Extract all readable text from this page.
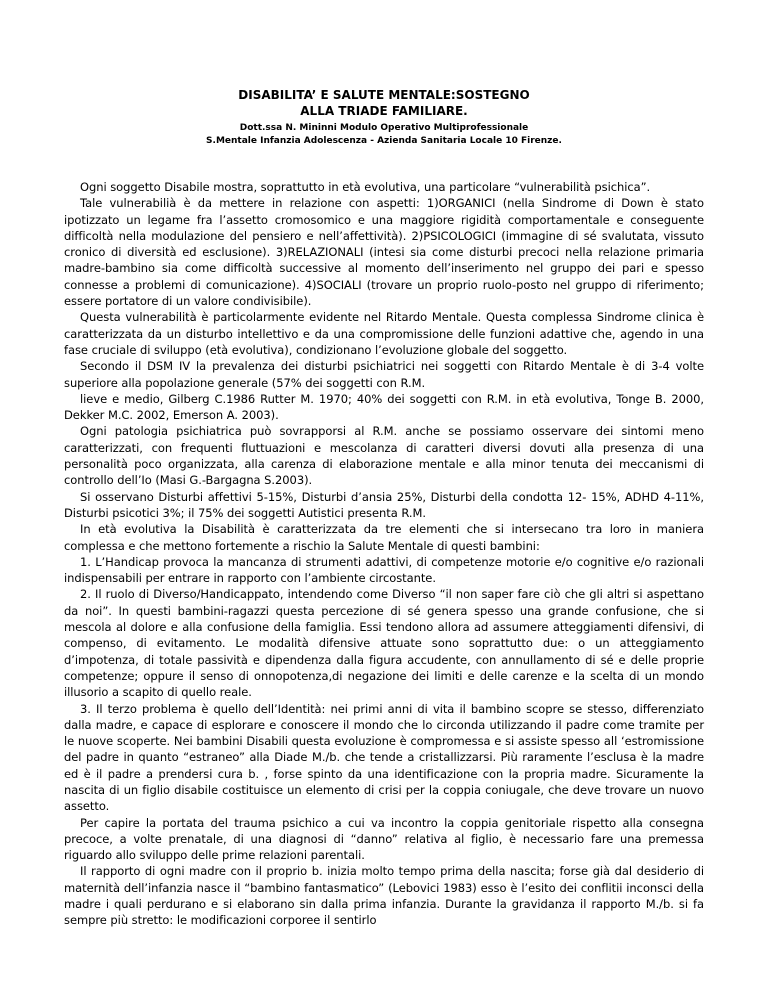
DISABILITA’ E SALUTE MENTALE:SOSTEGNO
ALLA TRIADE FAMILIARE.
Dott.ssa N. Mininni Modulo Operativo Multiprofessionale
S.Mentale Infanzia Adolescenza - Azienda Sanitaria Locale 10 Firenze.

Ogni soggetto Disabile mostra, soprattutto in età evolutiva, una particolare “vulnerabilità psichica”.

Tale vulnerabilià è da mettere in relazione con aspetti: 1)ORGANICI (nella Sindrome di Down è stato ipotizzato un legame fra l’assetto cromosomico e una maggiore rigidità comportamentale e conseguente difficoltà nella modulazione del pensiero e nell’affettività). 2)PSICOLOGICI (immagine di sé svalutata, vissuto cronico di diversità ed esclusione). 3)RELAZIONALI (intesi sia come disturbi precoci nella relazione primaria madre-bambino sia come difficoltà successive al momento dell’inserimento nel gruppo dei pari e spesso connesse a problemi di comunicazione). 4)SOCIALI (trovare un proprio ruolo-posto nel gruppo di riferimento; essere portatore di un valore condivisibile).

Questa vulnerabilità è particolarmente evidente nel Ritardo Mentale. Questa complessa Sindrome clinica è caratterizzata da un disturbo intellettivo e da una compromissione delle funzioni adattive che, agendo in una fase cruciale di sviluppo (età evolutiva), condizionano l’evoluzione globale del soggetto.

Secondo il DSM IV la prevalenza dei disturbi psichiatrici nei soggetti con Ritardo Mentale è di 3-4 volte superiore alla popolazione generale (57% dei soggetti con R.M.

lieve e medio, Gilberg C.1986 Rutter M. 1970; 40% dei soggetti con R.M. in età evolutiva, Tonge B. 2000, Dekker M.C. 2002, Emerson A. 2003).

Ogni patologia psichiatrica può sovrapporsi al R.M. anche se possiamo osservare dei sintomi meno caratterizzati, con frequenti fluttuazioni e mescolanza di caratteri diversi dovuti alla presenza di una personalità poco organizzata, alla carenza di elaborazione mentale e alla minor tenuta dei meccanismi di controllo dell’Io (Masi G.-Bargagna S.2003).

Si osservano Disturbi affettivi 5-15%, Disturbi d’ansia 25%, Disturbi della condotta 12- 15%, ADHD 4-11%, Disturbi psicotici 3%; il 75% dei soggetti Autistici presenta R.M.

In età evolutiva la Disabilità è caratterizzata da tre elementi che si intersecano tra loro in maniera complessa e che mettono fortemente a rischio la Salute Mentale di questi bambini:

1. L’Handicap provoca la mancanza di strumenti adattivi, di competenze motorie e/o cognitive e/o razionali indispensabili per entrare in rapporto con l’ambiente circostante.

2. Il ruolo di Diverso/Handicappato, intendendo come Diverso “il non saper fare ciò che gli altri si aspettano da noi”. In questi bambini-ragazzi questa percezione di sé genera spesso una grande confusione, che si mescola al dolore e alla confusione della famiglia. Essi tendono allora ad assumere atteggiamenti difensivi, di compenso, di evitamento. Le modalità difensive attuate sono soprattutto due: o un atteggiamento d’impotenza, di totale passività e dipendenza dalla figura accudente, con annullamento di sé e delle proprie competenze; oppure il senso di onnopotenza,di negazione dei limiti e delle carenze e la scelta di un mondo illusorio a scapito di quello reale.

3. Il terzo problema è quello dell’Identità: nei primi anni di vita il bambino scopre se stesso, differenziato dalla madre, e capace di esplorare e conoscere il mondo che lo circonda utilizzando il padre come tramite per le nuove scoperte. Nei bambini Disabili questa evoluzione è compromessa e si assiste spesso all ‘estromissione del padre in quanto “estraneo” alla Diade M./b. che tende a cristallizzarsi. Più raramente l’esclusa è la madre ed è il padre a prendersi cura b. , forse spinto da una identificazione con la propria madre. Sicuramente la nascita di un figlio disabile costituisce un elemento di crisi per la coppia coniugale, che deve trovare un nuovo assetto.

Per capire la portata del trauma psichico a cui va incontro la coppia genitoriale rispetto alla consegna precoce, a volte prenatale, di una diagnosi di “danno” relativa al figlio, è necessario fare una premessa riguardo allo sviluppo delle prime relazioni parentali.

Il rapporto di ogni madre con il proprio b. inizia molto tempo prima della nascita; forse già dal desiderio di maternità dell’infanzia nasce il “bambino fantasmatico” (Lebovici 1983) esso è l’esito dei conflitii inconsci della madre i quali perdurano e si elaborano sin dalla prima infanzia. Durante la gravidanza il rapporto M./b. si fa sempre più stretto: le modificazioni corporee il sentirlo
